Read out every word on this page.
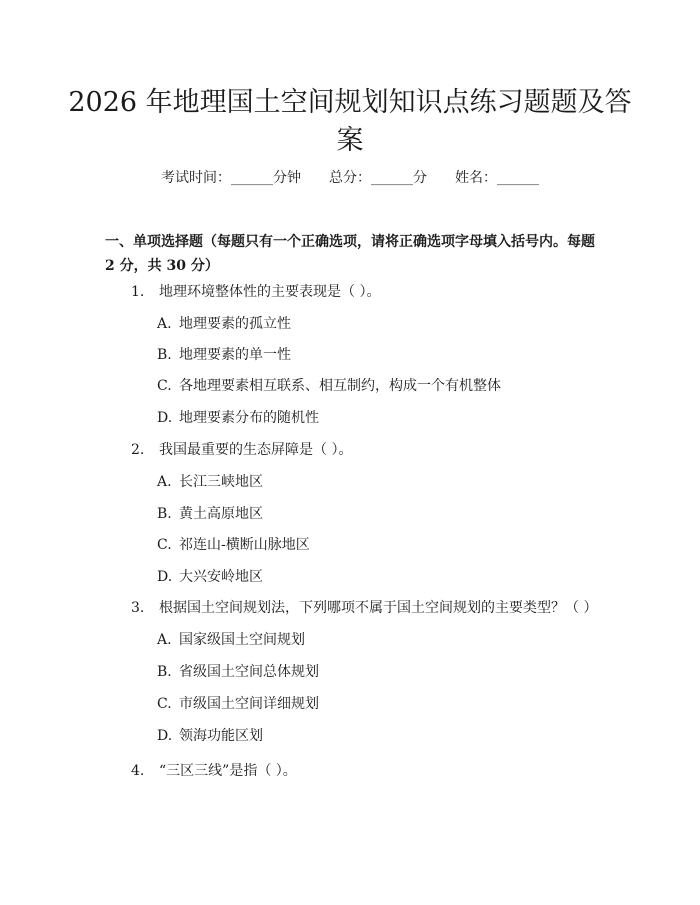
2026 年地理国土空间规划知识点练习题题及答案
考试时间：______分钟 总分：______分 姓名：______

一、单项选择题（每题只有一个正确选项，请将正确选项字母填入括号内。每题 2 分，共 30 分）

1. 地理环境整体性的主要表现是（ ）。
A. 地理要素的孤立性
B. 地理要素的单一性
C. 各地理要素相互联系、相互制约，构成一个有机整体
D. 地理要素分布的随机性
2. 我国最重要的生态屏障是（ ）。
A. 长江三峡地区
B. 黄土高原地区
C. 祁连山-横断山脉地区
D. 大兴安岭地区
3. 根据国土空间规划法，下列哪项不属于国土空间规划的主要类型？（ ）
A. 国家级国土空间规划
B. 省级国土空间总体规划
C. 市级国土空间详细规划
D. 领海功能区划
4. “三区三线”是指（ ）。
